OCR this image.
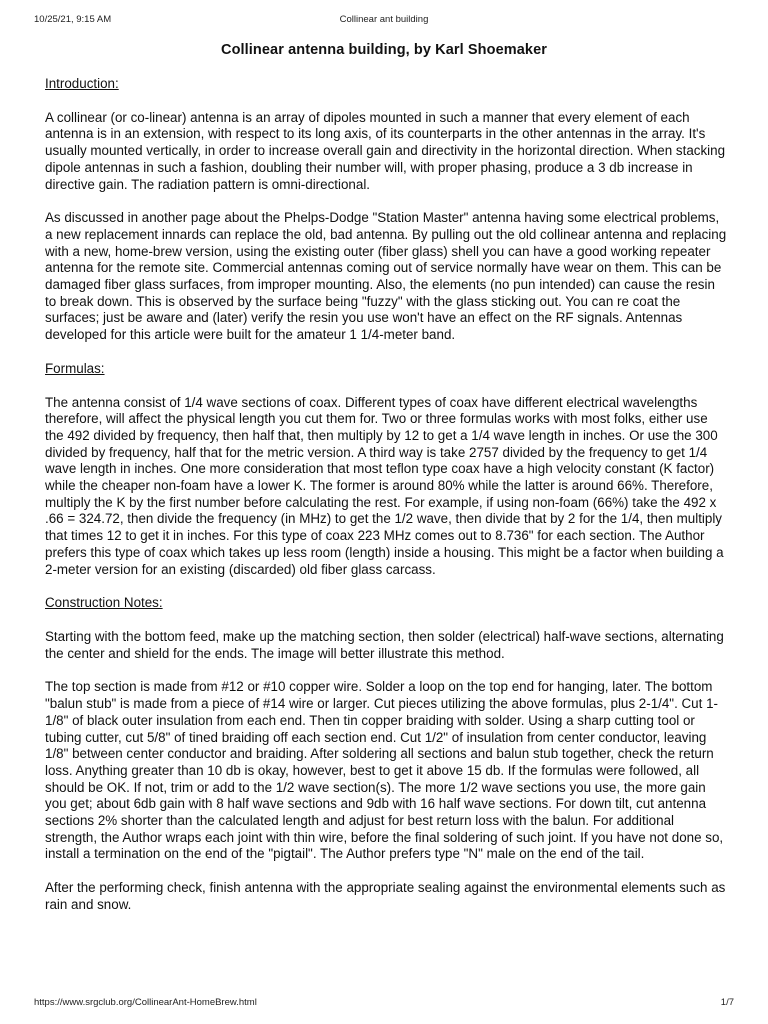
10/25/21, 9:15 AM	Collinear ant building
Collinear antenna building, by Karl Shoemaker
Introduction:

A collinear (or co-linear) antenna is an array of dipoles mounted in such a manner that every element of each antenna is in an extension, with respect to its long axis, of its counterparts in the other antennas in the array. It's usually mounted vertically, in order to increase overall gain and directivity in the horizontal direction. When stacking dipole antennas in such a fashion, doubling their number will, with proper phasing, produce a 3 db increase in directive gain. The radiation pattern is omni-directional.

As discussed in another page about the Phelps-Dodge "Station Master" antenna having some electrical problems, a new replacement innards can replace the old, bad antenna. By pulling out the old collinear antenna and replacing with a new, home-brew version, using the existing outer (fiber glass) shell you can have a good working repeater antenna for the remote site. Commercial antennas coming out of service normally have wear on them. This can be damaged fiber glass surfaces, from improper mounting. Also, the elements (no pun intended) can cause the resin to break down. This is observed by the surface being "fuzzy" with the glass sticking out. You can re coat the surfaces; just be aware and (later) verify the resin you use won't have an effect on the RF signals. Antennas developed for this article were built for the amateur 1 1/4-meter band.

Formulas:

The antenna consist of 1/4 wave sections of coax. Different types of coax have different electrical wavelengths therefore, will affect the physical length you cut them for. Two or three formulas works with most folks, either use the 492 divided by frequency, then half that, then multiply by 12 to get a 1/4 wave length in inches. Or use the 300 divided by frequency, half that for the metric version. A third way is take 2757 divided by the frequency to get 1/4 wave length in inches. One more consideration that most teflon type coax have a high velocity constant (K factor) while the cheaper non-foam have a lower K. The former is around 80% while the latter is around 66%. Therefore, multiply the K by the first number before calculating the rest. For example, if using non-foam (66%) take the 492 x .66 = 324.72, then divide the frequency (in MHz) to get the 1/2 wave, then divide that by 2 for the 1/4, then multiply that times 12 to get it in inches. For this type of coax 223 MHz comes out to 8.736" for each section. The Author prefers this type of coax which takes up less room (length) inside a housing. This might be a factor when building a 2-meter version for an existing (discarded) old fiber glass carcass.

Construction Notes:

Starting with the bottom feed, make up the matching section, then solder (electrical) half-wave sections, alternating the center and shield for the ends. The image will better illustrate this method.

The top section is made from #12 or #10 copper wire. Solder a loop on the top end for hanging, later. The bottom "balun stub" is made from a piece of #14 wire or larger. Cut pieces utilizing the above formulas, plus 2-1/4". Cut 1-1/8" of black outer insulation from each end. Then tin copper braiding with solder. Using a sharp cutting tool or tubing cutter, cut 5/8" of tined braiding off each section end. Cut 1/2" of insulation from center conductor, leaving 1/8" between center conductor and braiding. After soldering all sections and balun stub together, check the return loss. Anything greater than 10 db is okay, however, best to get it above 15 db. If the formulas were followed, all should be OK. If not, trim or add to the 1/2 wave section(s). The more 1/2 wave sections you use, the more gain you get; about 6db gain with 8 half wave sections and 9db with 16 half wave sections. For down tilt, cut antenna sections 2% shorter than the calculated length and adjust for best return loss with the balun. For additional strength, the Author wraps each joint with thin wire, before the final soldering of such joint. If you have not done so, install a termination on the end of the "pigtail". The Author prefers type "N" male on the end of the tail.

After the performing check, finish antenna with the appropriate sealing against the environmental elements such as rain and snow.

https://www.srgclub.org/CollinearAnt-HomeBrew.html	1/7
